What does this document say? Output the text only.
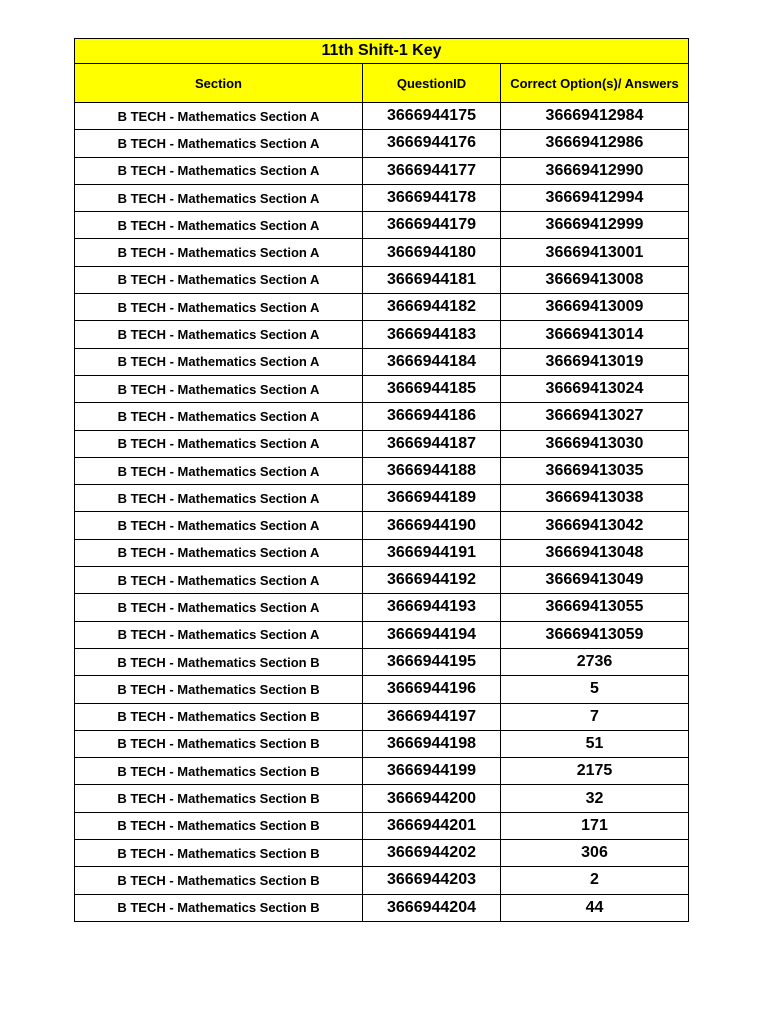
11th Shift-1 Key		
Section	QuestionID	Correct Option(s)/ Answers
B TECH - Mathematics Section A	3666944175	36669412984
B TECH - Mathematics Section A	3666944176	36669412986
B TECH - Mathematics Section A	3666944177	36669412990
B TECH - Mathematics Section A	3666944178	36669412994
B TECH - Mathematics Section A	3666944179	36669412999
B TECH - Mathematics Section A	3666944180	36669413001
B TECH - Mathematics Section A	3666944181	36669413008
B TECH - Mathematics Section A	3666944182	36669413009
B TECH - Mathematics Section A	3666944183	36669413014
B TECH - Mathematics Section A	3666944184	36669413019
B TECH - Mathematics Section A	3666944185	36669413024
B TECH - Mathematics Section A	3666944186	36669413027
B TECH - Mathematics Section A	3666944187	36669413030
B TECH - Mathematics Section A	3666944188	36669413035
B TECH - Mathematics Section A	3666944189	36669413038
B TECH - Mathematics Section A	3666944190	36669413042
B TECH - Mathematics Section A	3666944191	36669413048
B TECH - Mathematics Section A	3666944192	36669413049
B TECH - Mathematics Section A	3666944193	36669413055
B TECH - Mathematics Section A	3666944194	36669413059
B TECH - Mathematics Section B	3666944195	2736
B TECH - Mathematics Section B	3666944196	5
B TECH - Mathematics Section B	3666944197	7
B TECH - Mathematics Section B	3666944198	51
B TECH - Mathematics Section B	3666944199	2175
B TECH - Mathematics Section B	3666944200	32
B TECH - Mathematics Section B	3666944201	171
B TECH - Mathematics Section B	3666944202	306
B TECH - Mathematics Section B	3666944203	2
B TECH - Mathematics Section B	3666944204	44
